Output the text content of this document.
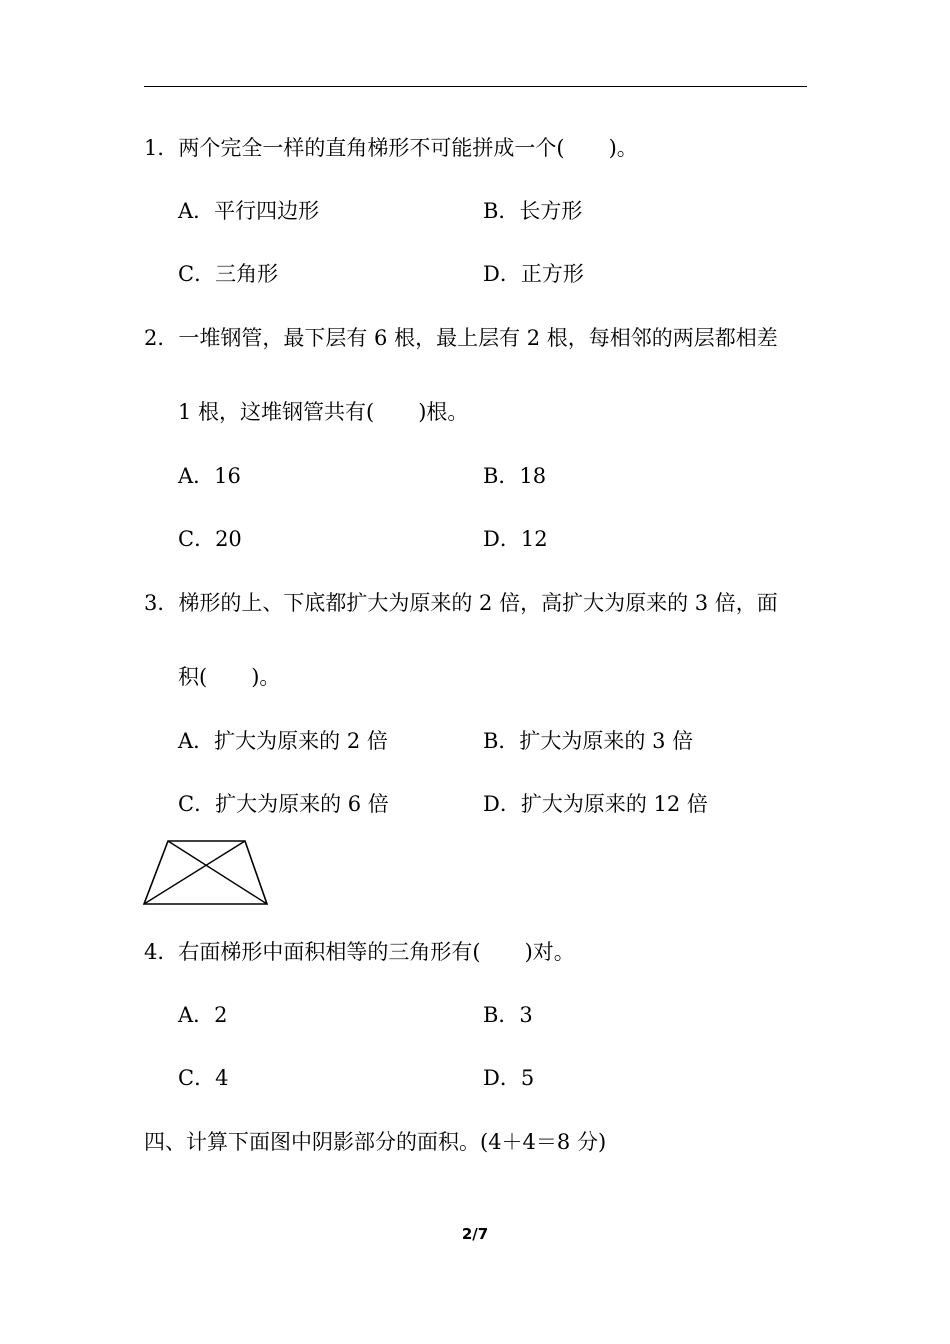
1．两个完全一样的直角梯形不可能拼成一个( )。
A．平行四边形	B．长方形
C．三角形	D．正方形
2．一堆钢管，最下层有 6 根，最上层有 2 根，每相邻的两层都相差
1 根，这堆钢管共有( )根。
A．16	B．18
C．20	D．12
3．梯形的上、下底都扩大为原来的 2 倍，高扩大为原来的 3 倍，面
积( )。
A．扩大为原来的 2 倍	B．扩大为原来的 3 倍
C．扩大为原来的 6 倍	D．扩大为原来的 12 倍
4．右面梯形中面积相等的三角形有( )对。
A．2	B．3
C．4	D．5
四、计算下面图中阴影部分的面积。(4＋4＝8 分)
2/7
